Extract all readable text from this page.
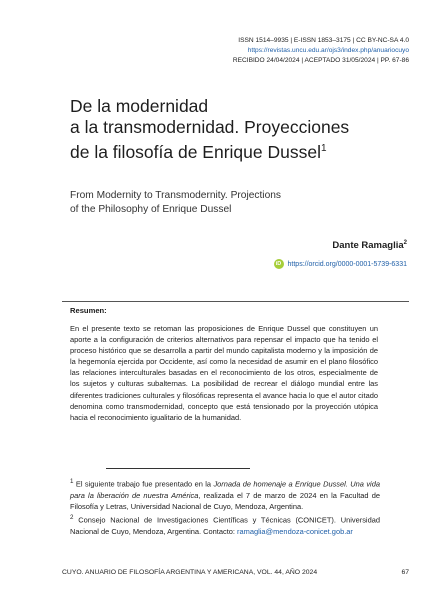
ISSN 1514–9935 | E-ISSN 1853–3175 | CC BY-NC-SA 4.0
https://revistas.uncu.edu.ar/ojs3/index.php/anuariocuyo
RECIBIDO 24/04/2024 | ACEPTADO 31/05/2024 | PP. 67-86
De la modernidad
a la transmodernidad. Proyecciones
de la filosofía de Enrique Dussel$^1$
From Modernity to Transmodernity. Projections
of the Philosophy of Enrique Dussel
Dante Ramaglia$^2$
iD https://orcid.org/0000-0001-5739-6331
Resumen:
En el presente texto se retoman las proposiciones de Enrique Dussel que constituyen un aporte a la configuración de criterios alternativos para repensar el impacto que ha tenido el proceso histórico que se desarrolla a partir del mundo capitalista moderno y la imposición de la hegemonía ejercida por Occidente, así como la necesidad de asumir en el plano filosófico las relaciones interculturales basadas en el reconocimiento de los otros, especialmente de los sujetos y culturas subalternas. La posibilidad de recrear el diálogo mundial entre las diferentes tradiciones culturales y filosóficas representa el avance hacia lo que el autor citado denomina como transmodernidad, concepto que está tensionado por la proyección utópica hacia el reconocimiento igualitario de la humanidad.

$^1$ El siguiente trabajo fue presentado en la Jornada de homenaje a Enrique Dussel. Una vida para la liberación de nuestra América, realizada el 7 de marzo de 2024 en la Facultad de Filosofía y Letras, Universidad Nacional de Cuyo, Mendoza, Argentina.

$^2$ Consejo Nacional de Investigaciones Científicas y Técnicas (CONICET). Universidad Nacional de Cuyo, Mendoza, Argentina. Contacto: ramaglia@mendoza-conicet.gob.ar

CUYO. ANUARIO DE FILOSOFÍA ARGENTINA Y AMERICANA, VOL. 44, AÑO 2024	67
